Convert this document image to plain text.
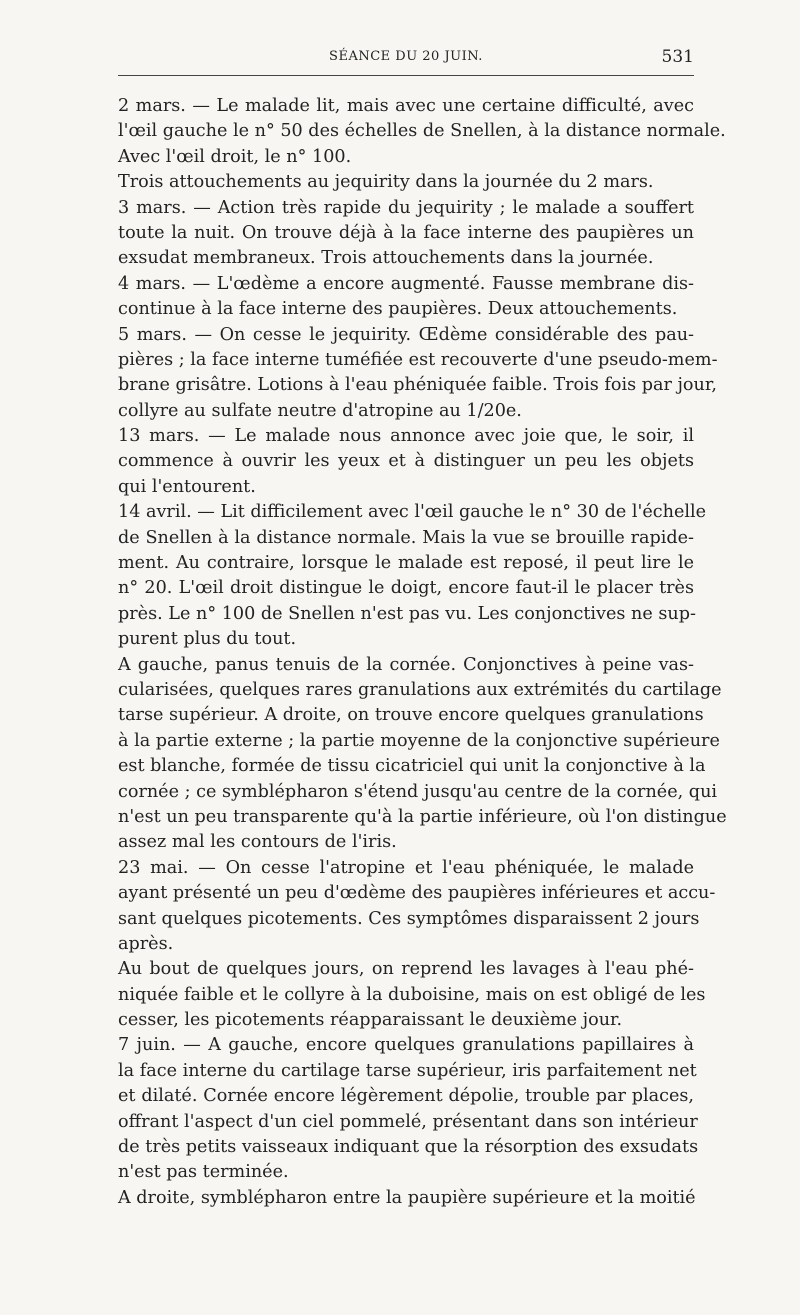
SÉANCE DU 20 JUIN.	531
2 mars. — Le malade lit, mais avec une certaine difficulté, avec
l'œil gauche le n° 50 des échelles de Snellen, à la distance normale.
Avec l'œil droit, le n° 100.
Trois attouchements au jequirity dans la journée du 2 mars.
3 mars. — Action très rapide du jequirity ; le malade a souffert
toute la nuit. On trouve déjà à la face interne des paupières un
exsudat membraneux. Trois attouchements dans la journée.
4 mars. — L'œdème a encore augmenté. Fausse membrane dis-
continue à la face interne des paupières. Deux attouchements.
5 mars. — On cesse le jequirity. Œdème considérable des pau-
pières ; la face interne tuméfiée est recouverte d'une pseudo-mem-
brane grisâtre. Lotions à l'eau phéniquée faible. Trois fois par jour,
collyre au sulfate neutre d'atropine au 1/20e.
13 mars. — Le malade nous annonce avec joie que, le soir, il
commence à ouvrir les yeux et à distinguer un peu les objets
qui l'entourent.
14 avril. — Lit difficilement avec l'œil gauche le n° 30 de l'échelle
de Snellen à la distance normale. Mais la vue se brouille rapide-
ment. Au contraire, lorsque le malade est reposé, il peut lire le
n° 20. L'œil droit distingue le doigt, encore faut-il le placer très
près. Le n° 100 de Snellen n'est pas vu. Les conjonctives ne sup-
purent plus du tout.
A gauche, panus tenuis de la cornée. Conjonctives à peine vas-
cularisées, quelques rares granulations aux extrémités du cartilage
tarse supérieur. A droite, on trouve encore quelques granulations
à la partie externe ; la partie moyenne de la conjonctive supérieure
est blanche, formée de tissu cicatriciel qui unit la conjonctive à la
cornée ; ce symblépharon s'étend jusqu'au centre de la cornée, qui
n'est un peu transparente qu'à la partie inférieure, où l'on distingue
assez mal les contours de l'iris.
23 mai. — On cesse l'atropine et l'eau phéniquée, le malade
ayant présenté un peu d'œdème des paupières inférieures et accu-
sant quelques picotements. Ces symptômes disparaissent 2 jours
après.
Au bout de quelques jours, on reprend les lavages à l'eau phé-
niquée faible et le collyre à la duboisine, mais on est obligé de les
cesser, les picotements réapparaissant le deuxième jour.
7 juin. — A gauche, encore quelques granulations papillaires à
la face interne du cartilage tarse supérieur, iris parfaitement net
et dilaté. Cornée encore légèrement dépolie, trouble par places,
offrant l'aspect d'un ciel pommelé, présentant dans son intérieur
de très petits vaisseaux indiquant que la résorption des exsudats
n'est pas terminée.
A droite, symblépharon entre la paupière supérieure et la moitié
